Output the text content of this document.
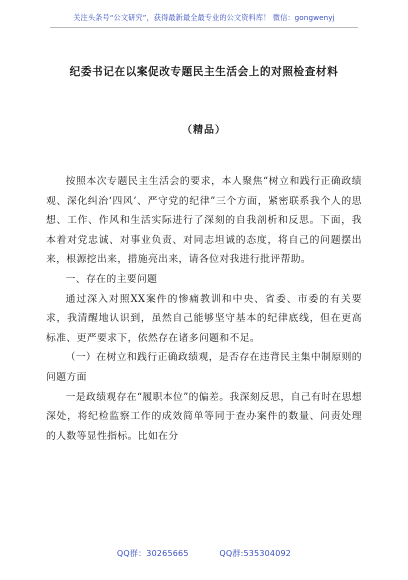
关注头条号“公文研究”，获得最新最全最专业的公文资料库！ 微信：gongwenyj
纪委书记在以案促改专题民主生活会上的对照检查材料
（精品）

按照本次专题民主生活会的要求，本人聚焦“树立和践行正确政绩观、深化纠治‘四风’、严守党的纪律”三个方面，紧密联系我个人的思想、工作、作风和生活实际进行了深刻的自我剖析和反思。下面，我本着对党忠诚、对事业负责、对同志坦诚的态度，将自己的问题摆出来，根源挖出来，措施亮出来，请各位对我进行批评帮助。

一、存在的主要问题

通过深入对照XX案件的惨痛教训和中央、省委、市委的有关要求，我清醒地认识到，虽然自己能够坚守基本的纪律底线，但在更高标准、更严要求下，依然存在诸多问题和不足。

（一）在树立和践行正确政绩观，是否存在违背民主集中制原则的问题方面

一是政绩观存在“履职本位”的偏差。我深刻反思，自己有时在思想深处，将纪检监察工作的成效简单等同于查办案件的数量、问责处理的人数等显性指标。比如在分

QQ群：30265665	QQ群:535304092
